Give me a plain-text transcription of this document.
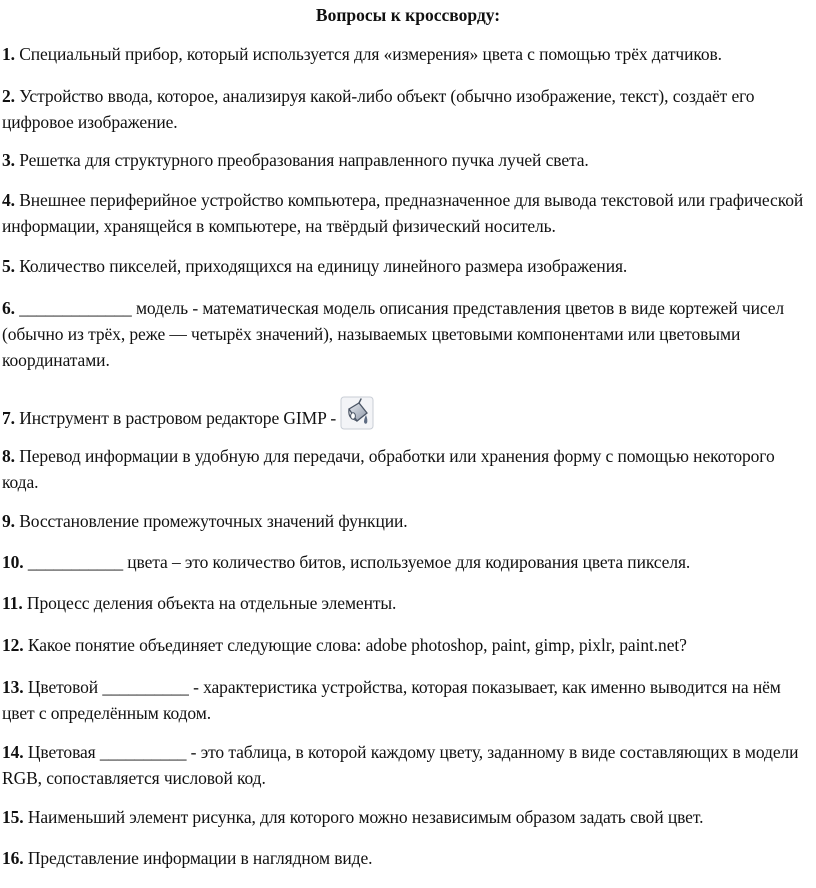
Вопросы к кроссворду:
1. Специальный прибор, который используется для «измерения» цвета с помощью трёх датчиков.
2. Устройство ввода, которое, анализируя какой-либо объект (обычно изображение, текст), создаёт его цифровое изображение.
3. Решетка для структурного преобразования направленного пучка лучей света.
4. Внешнее периферийное устройство компьютера, предназначенное для вывода текстовой или графической информации, хранящейся в компьютере, на твёрдый физический носитель.
5. Количество пикселей, приходящихся на единицу линейного размера изображения.
6. _____________ модель - математическая модель описания представления цветов в виде кортежей чисел (обычно из трёх, реже — четырёх значений), называемых цветовыми компонентами или цветовыми координатами.
7. Инструмент в растровом редакторе GIMP -
8. Перевод информации в удобную для передачи, обработки или хранения форму с помощью некоторого кода.
9. Восстановление промежуточных значений функции.
10. ___________ цвета – это количество битов, используемое для кодирования цвета пикселя.
11. Процесс деления объекта на отдельные элементы.
12. Какое понятие объединяет следующие слова: adobe photoshop, paint, gimp, pixlr, paint.net?
13. Цветовой __________ - характеристика устройства, которая показывает, как именно выводится на нём цвет с определённым кодом.
14. Цветовая __________ - это таблица, в которой каждому цвету, заданному в виде составляющих в модели RGB, сопоставляется числовой код.
15. Наименьший элемент рисунка, для которого можно независимым образом задать свой цвет.
16. Представление информации в наглядном виде.
